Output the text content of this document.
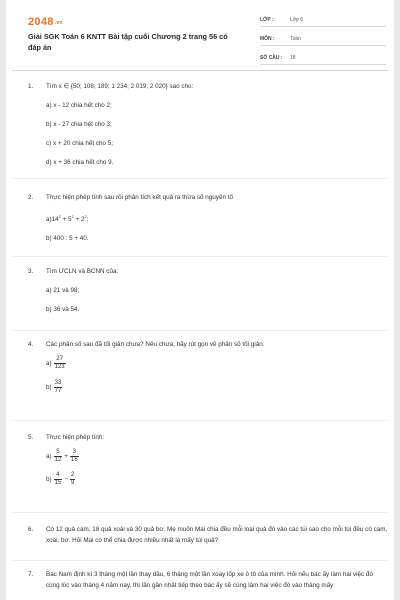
2048.vn
Giải SGK Toán 6 KNTT Bài tập cuối Chương 2 trang 56 có đáp án
LỚP :	Lớp 6
MÔN :	Toán
SỐ CÂU :	18
1. Tìm x ∈ {50; 108; 189; 1 234; 2 019; 2 020} sao cho:
a) x - 12 chia hết cho 2;
b) x - 27 chia hết cho 3;
c) x + 20 chia hết cho 5;
d) x + 36 chia hết cho 9.
2. Thực hiện phép tính sau rồi phân tích kết quả ra thừa số nguyên tố
$a)14^2 + 5^2 + 2^2$;
b) 400 : 5 + 40.
3. Tìm ƯCLN và BCNN của:
a) 21 và 98;
b) 36 và 54.
4. Các phân số sau đã tối giản chưa? Nếu chưa, hãy rút gọn về phân số tối giản.
$a) \frac{27}{123}$
$b) \frac{33}{77}$
5. Thực hiện phép tính:
$a) \frac{5}{12} + \frac{3}{16}$
$b) \frac{4}{15} - \frac{2}{9}$
6. Có 12 quả cam, 18 quả xoài và 30 quả bơ. Mẹ muốn Mai chia đều mỗi loại quả đó vào các túi sao cho mỗi túi đều có cam, xoài, bơ. Hỏi Mai có thể chia được nhiều nhất là mấy túi quả?
7. Bác Nam định kì 3 tháng một lần thay dầu, 6 tháng một lần xoay lốp xe ô tô của mình. Hỏi nếu bác ấy làm hai việc đó cùng lúc vào tháng 4 năm nay, thì lần gần nhất tiếp theo bác ấy sẽ cùng làm hai việc đó vào tháng mấy
